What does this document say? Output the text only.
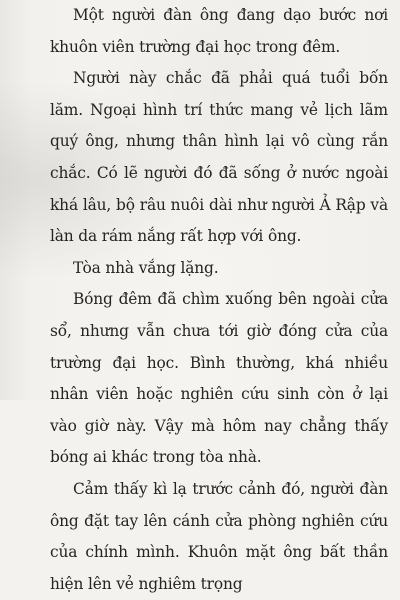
Một người đàn ông đang dạo bước nơi khuôn viên trường đại học trong đêm.

Người này chắc đã phải quá tuổi bốn lăm. Ngoại hình trí thức mang vẻ lịch lãm quý ông, nhưng thân hình lại vô cùng rắn chắc. Có lẽ người đó đã sống ở nước ngoài khá lâu, bộ râu nuôi dài như người Ả Rập và làn da rám nắng rất hợp với ông.

Tòa nhà vắng lặng.

Bóng đêm đã chìm xuống bên ngoài cửa sổ, nhưng vẫn chưa tới giờ đóng cửa của trường đại học. Bình thường, khá nhiều nhân viên hoặc nghiên cứu sinh còn ở lại vào giờ này. Vậy mà hôm nay chẳng thấy bóng ai khác trong tòa nhà.

Cảm thấy kì lạ trước cảnh đó, người đàn ông đặt tay lên cánh cửa phòng nghiên cứu của chính mình. Khuôn mặt ông bất thần hiện lên vẻ nghiêm trọng
